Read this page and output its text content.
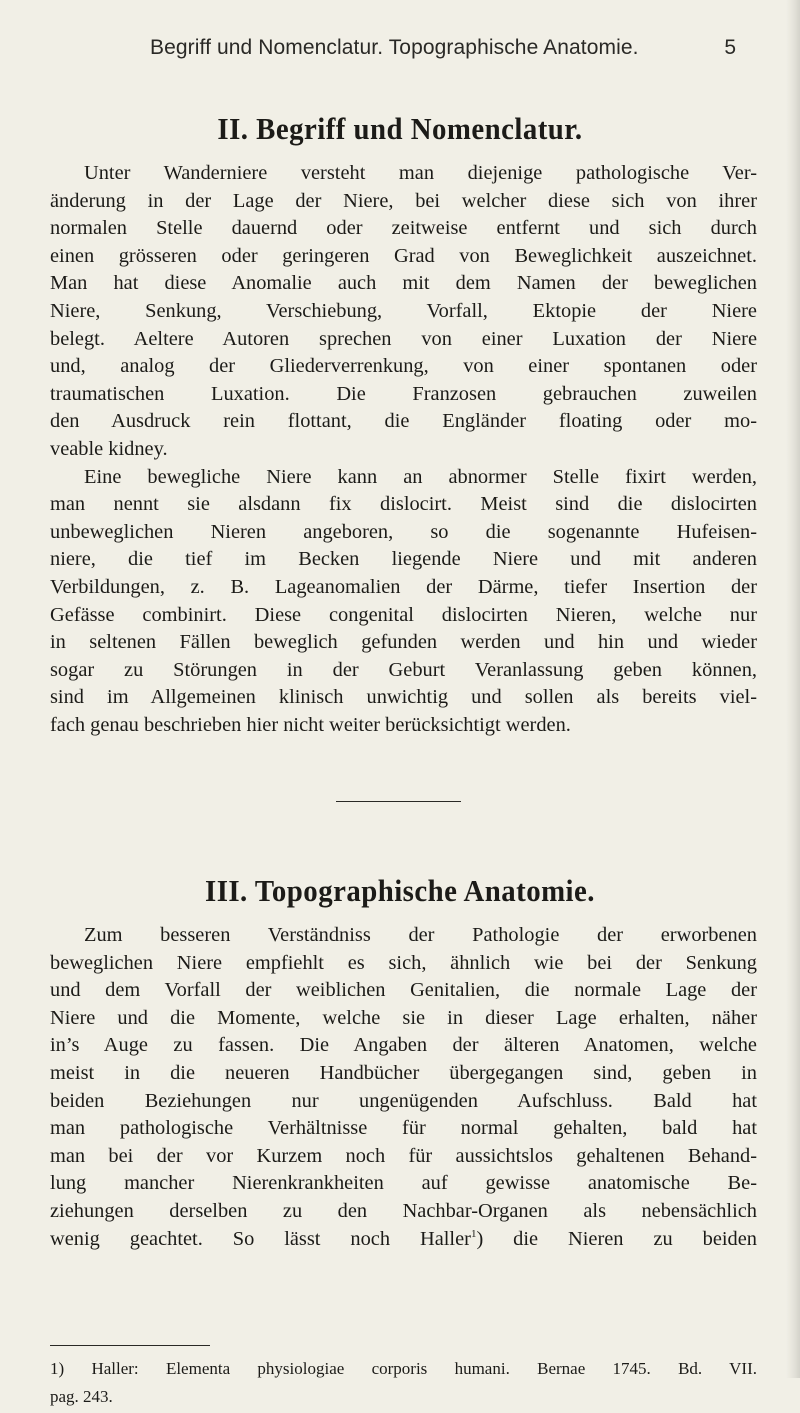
Begriff und Nomenclatur. Topographische Anatomie.	5
II. Begriff und Nomenclatur.
Unter Wanderniere versteht man diejenige pathologische Ver-
änderung in der Lage der Niere, bei welcher diese sich von ihrer
normalen Stelle dauernd oder zeitweise entfernt und sich durch
einen grösseren oder geringeren Grad von Beweglichkeit auszeichnet.
Man hat diese Anomalie auch mit dem Namen der beweglichen
Niere, Senkung, Verschiebung, Vorfall, Ektopie der Niere
belegt. Aeltere Autoren sprechen von einer Luxation der Niere
und, analog der Gliederverrenkung, von einer spontanen oder
traumatischen Luxation. Die Franzosen gebrauchen zuweilen
den Ausdruck rein flottant, die Engländer floating oder mo-
veable kidney.
Eine bewegliche Niere kann an abnormer Stelle fixirt werden,
man nennt sie alsdann fix dislocirt. Meist sind die dislocirten
unbeweglichen Nieren angeboren, so die sogenannte Hufeisen-
niere, die tief im Becken liegende Niere und mit anderen
Verbildungen, z. B. Lageanomalien der Därme, tiefer Insertion der
Gefässe combinirt. Diese congenital dislocirten Nieren, welche nur
in seltenen Fällen beweglich gefunden werden und hin und wieder
sogar zu Störungen in der Geburt Veranlassung geben können,
sind im Allgemeinen klinisch unwichtig und sollen als bereits viel-
fach genau beschrieben hier nicht weiter berücksichtigt werden.
III. Topographische Anatomie.
Zum besseren Verständniss der Pathologie der erworbenen
beweglichen Niere empfiehlt es sich, ähnlich wie bei der Senkung
und dem Vorfall der weiblichen Genitalien, die normale Lage der
Niere und die Momente, welche sie in dieser Lage erhalten, näher
in’s Auge zu fassen. Die Angaben der älteren Anatomen, welche
meist in die neueren Handbücher übergegangen sind, geben in
beiden Beziehungen nur ungenügenden Aufschluss. Bald hat
man pathologische Verhältnisse für normal gehalten, bald hat
man bei der vor Kurzem noch für aussichtslos gehaltenen Behand-
lung mancher Nierenkrankheiten auf gewisse anatomische Be-
ziehungen derselben zu den Nachbar-Organen als nebensächlich
wenig geachtet. So lässt noch Haller$^1$) die Nieren zu beiden
1) Haller: Elementa physiologiae corporis humani. Bernae 1745. Bd. VII.
pag. 243.
